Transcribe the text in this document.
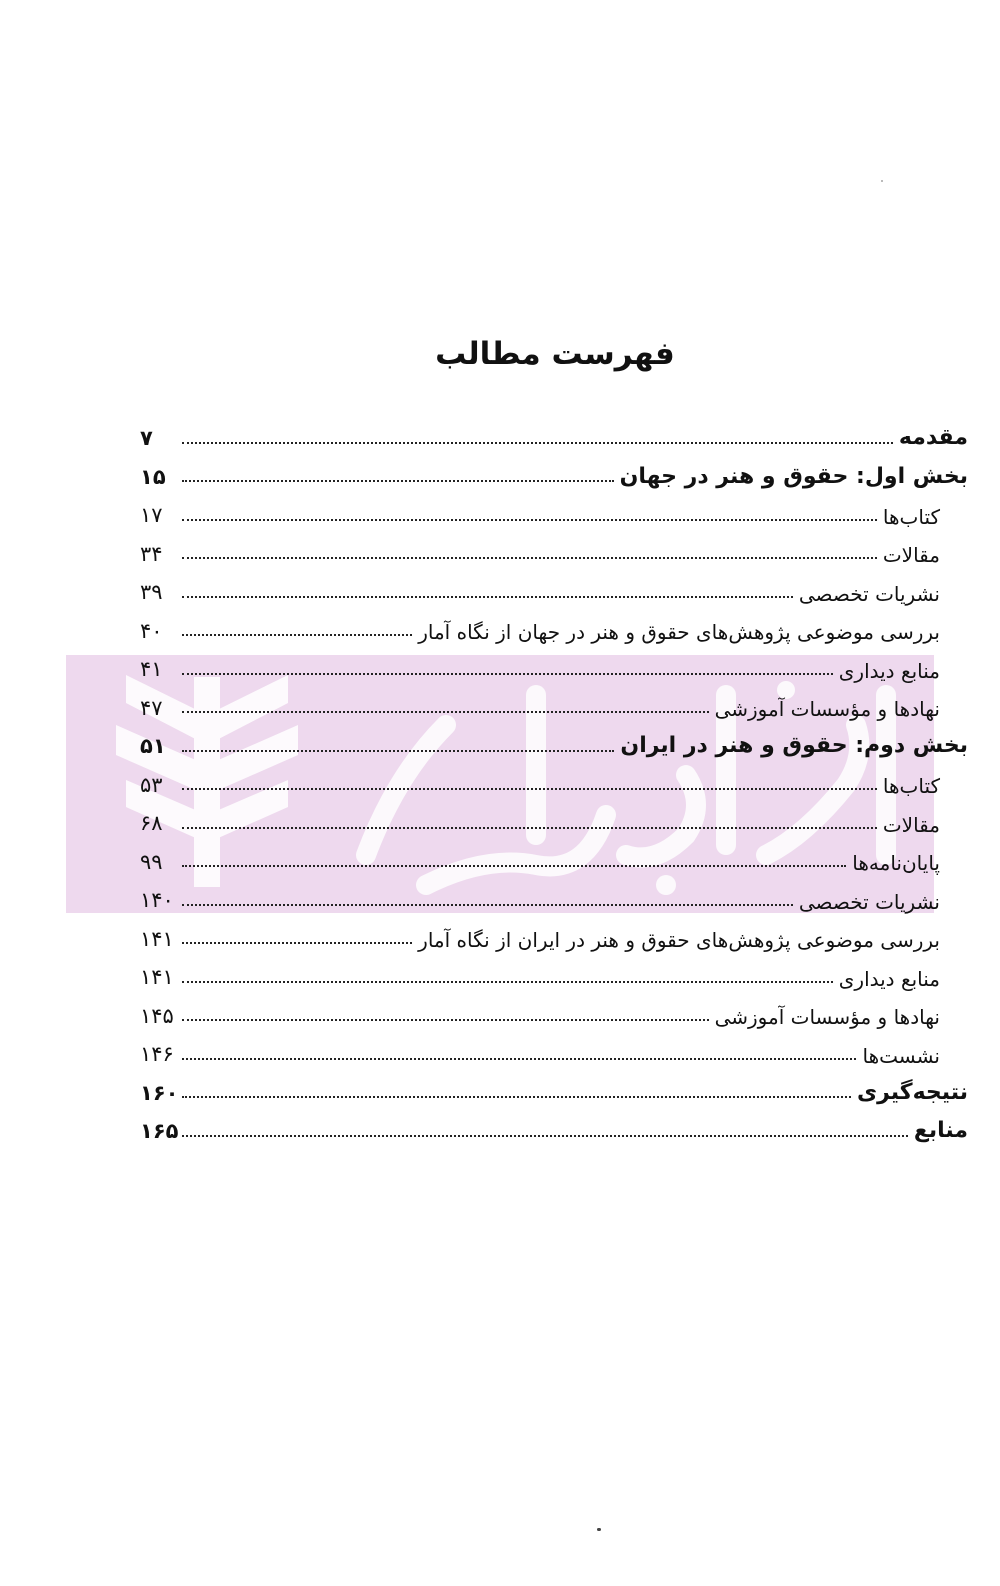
فهرست مطالب
مقدمه
۷
بخش اول: حقوق و هنر در جهان
۱۵
کتاب‌ها
۱۷
مقالات
۳۴
نشریات تخصصی
۳۹
بررسی موضوعی پژوهش‌های حقوق و هنر در جهان از نگاه آمار
۴۰
منابع دیداری
۴۱
نهادها و مؤسسات آموزشی
۴۷
بخش دوم: حقوق و هنر در ایران
۵۱
کتاب‌ها
۵۳
مقالات
۶۸
پایان‌نامه‌ها
۹۹
نشریات تخصصی
۱۴۰
بررسی موضوعی پژوهش‌های حقوق و هنر در ایران از نگاه آمار
۱۴۱
منابع دیداری
۱۴۱
نهادها و مؤسسات آموزشی
۱۴۵
نشست‌ها
۱۴۶
نتیجه‌گیری
۱۶۰
منابع
۱۶۵
